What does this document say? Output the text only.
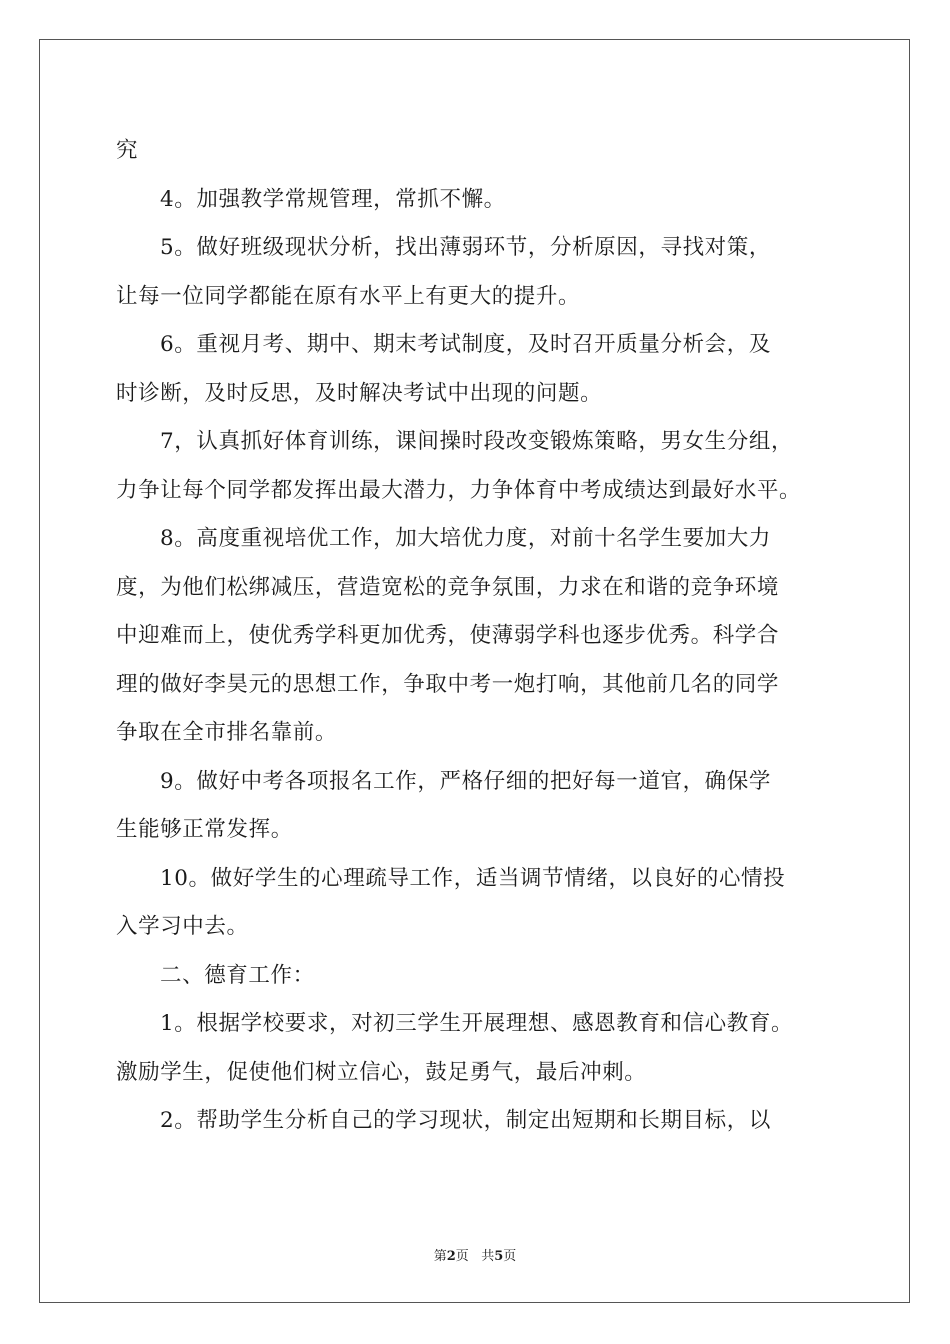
究
4。加强教学常规管理，常抓不懈。
5。做好班级现状分析，找出薄弱环节，分析原因，寻找对策，
让每一位同学都能在原有水平上有更大的提升。
6。重视月考、期中、期末考试制度，及时召开质量分析会，及
时诊断，及时反思，及时解决考试中出现的问题。
7，认真抓好体育训练，课间操时段改变锻炼策略，男女生分组，
力争让每个同学都发挥出最大潜力，力争体育中考成绩达到最好水平。
8。高度重视培优工作，加大培优力度，对前十名学生要加大力
度，为他们松绑减压，营造宽松的竞争氛围，力求在和谐的竞争环境
中迎难而上，使优秀学科更加优秀，使薄弱学科也逐步优秀。科学合
理的做好李昊元的思想工作，争取中考一炮打响，其他前几名的同学
争取在全市排名靠前。
9。做好中考各项报名工作，严格仔细的把好每一道官，确保学
生能够正常发挥。
10。做好学生的心理疏导工作，适当调节情绪，以良好的心情投
入学习中去。
二、德育工作：
1。根据学校要求，对初三学生开展理想、感恩教育和信心教育。
激励学生，促使他们树立信心，鼓足勇气，最后冲刺。
2。帮助学生分析自己的学习现状，制定出短期和长期目标，以
第2页 共5页
